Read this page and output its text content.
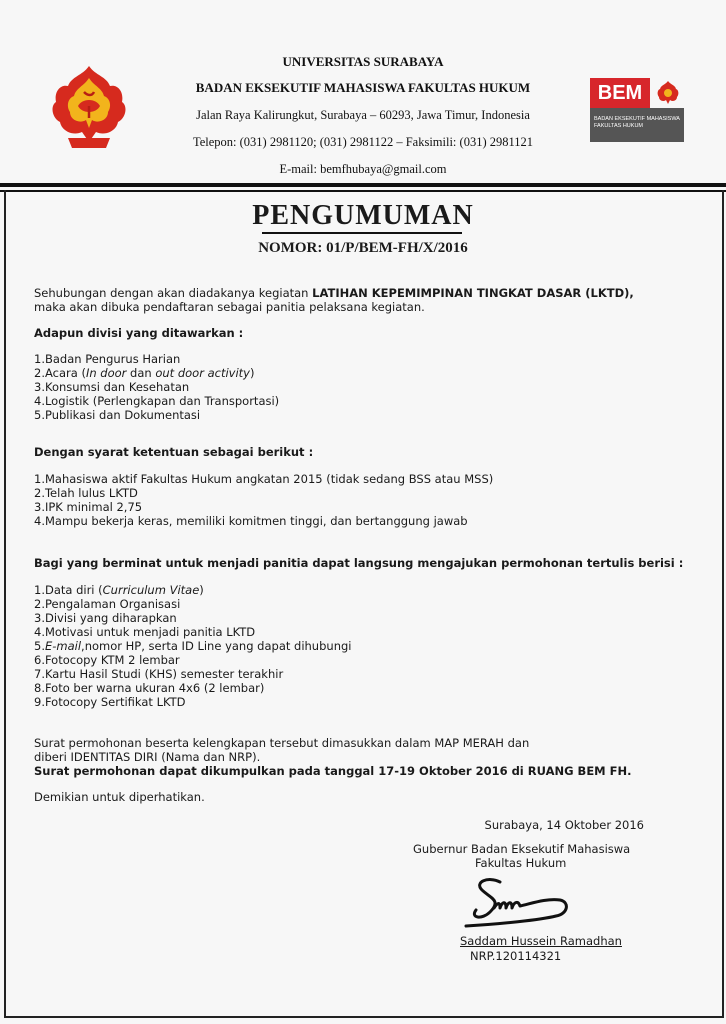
UNIVERSITAS SURABAYA
BADAN EKSEKUTIF MAHASISWA FAKULTAS HUKUM
Jalan Raya Kalirungkut, Surabaya – 60293, Jawa Timur, Indonesia
Telepon: (031) 2981120; (031) 2981122 – Faksimili: (031) 2981121
E-mail: bemfhubaya@gmail.com
BEM
BADAN EKSEKUTIF MAHASISWA
FAKULTAS HUKUM
PENGUMUMAN
NOMOR: 01/P/BEM-FH/X/2016
Sehubungan dengan akan diadakanya kegiatan LATIHAN KEPEMIMPINAN TINGKAT DASAR (LKTD),
maka akan dibuka pendaftaran sebagai panitia pelaksana kegiatan.
Adapun divisi yang ditawarkan :
1.Badan Pengurus Harian
2.Acara (In door dan out door activity)
3.Konsumsi dan Kesehatan
4.Logistik (Perlengkapan dan Transportasi)
5.Publikasi dan Dokumentasi
Dengan syarat ketentuan sebagai berikut :
1.Mahasiswa aktif Fakultas Hukum angkatan 2015 (tidak sedang BSS atau MSS)
2.Telah lulus LKTD
3.IPK minimal 2,75
4.Mampu bekerja keras, memiliki komitmen tinggi, dan bertanggung jawab
Bagi yang berminat untuk menjadi panitia dapat langsung mengajukan permohonan tertulis berisi :
1.Data diri (Curriculum Vitae)
2.Pengalaman Organisasi
3.Divisi yang diharapkan
4.Motivasi untuk menjadi panitia LKTD
5.E-mail,nomor HP, serta ID Line yang dapat dihubungi
6.Fotocopy KTM 2 lembar
7.Kartu Hasil Studi (KHS) semester terakhir
8.Foto ber warna ukuran 4x6 (2 lembar)
9.Fotocopy Sertifikat LKTD
Surat permohonan beserta kelengkapan tersebut dimasukkan dalam MAP MERAH dan
diberi IDENTITAS DIRI (Nama dan NRP).
Surat permohonan dapat dikumpulkan pada tanggal 17-19 Oktober 2016 di RUANG BEM FH.
Demikian untuk diperhatikan.
Surabaya, 14 Oktober 2016
Gubernur Badan Eksekutif Mahasiswa
Fakultas Hukum
Saddam Hussein Ramadhan
NRP.120114321
